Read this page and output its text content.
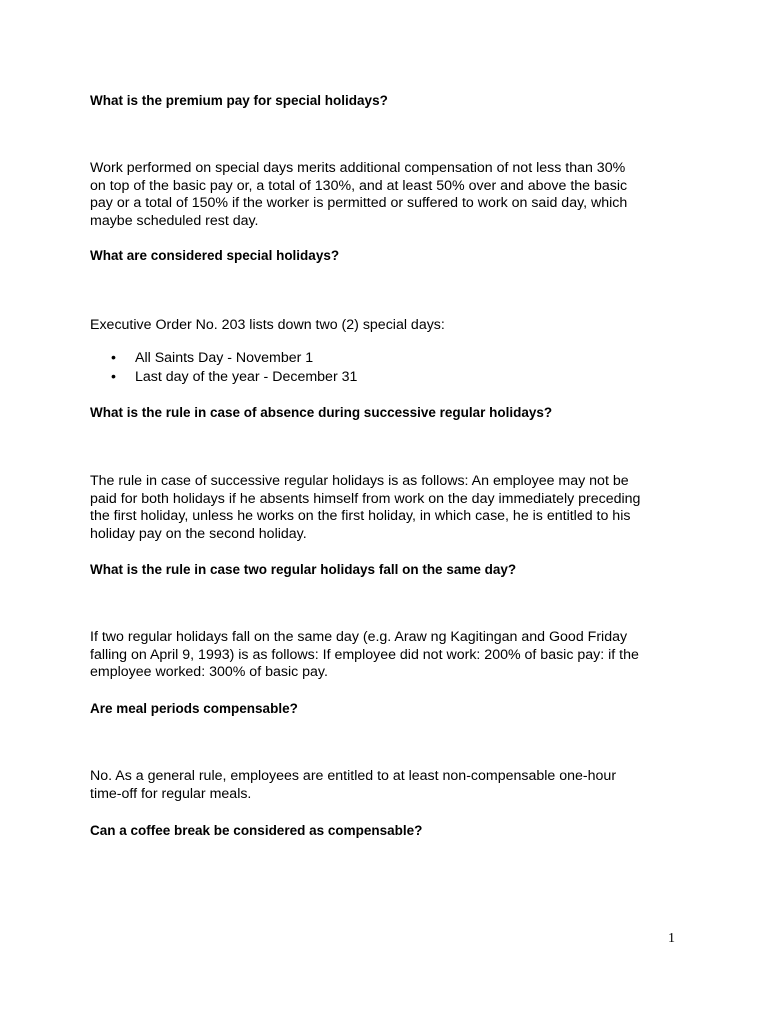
What is the premium pay for special holidays?

Work performed on special days merits additional compensation of not less than 30%
on top of the basic pay or, a total of 130%, and at least 50% over and above the basic
pay or a total of 150% if the worker is permitted or suffered to work on said day, which
maybe scheduled rest day.

What are considered special holidays?

Executive Order No. 203 lists down two (2) special days:
• All Saints Day - November 1
• Last day of the year - December 31

What is the rule in case of absence during successive regular holidays?

The rule in case of successive regular holidays is as follows: An employee may not be
paid for both holidays if he absents himself from work on the day immediately preceding
the first holiday, unless he works on the first holiday, in which case, he is entitled to his
holiday pay on the second holiday.

What is the rule in case two regular holidays fall on the same day?

If two regular holidays fall on the same day (e.g. Araw ng Kagitingan and Good Friday
falling on April 9, 1993) is as follows: If employee did not work: 200% of basic pay: if the
employee worked: 300% of basic pay.

Are meal periods compensable?

No. As a general rule, employees are entitled to at least non-compensable one-hour
time-off for regular meals.

Can a coffee break be considered as compensable?

1
